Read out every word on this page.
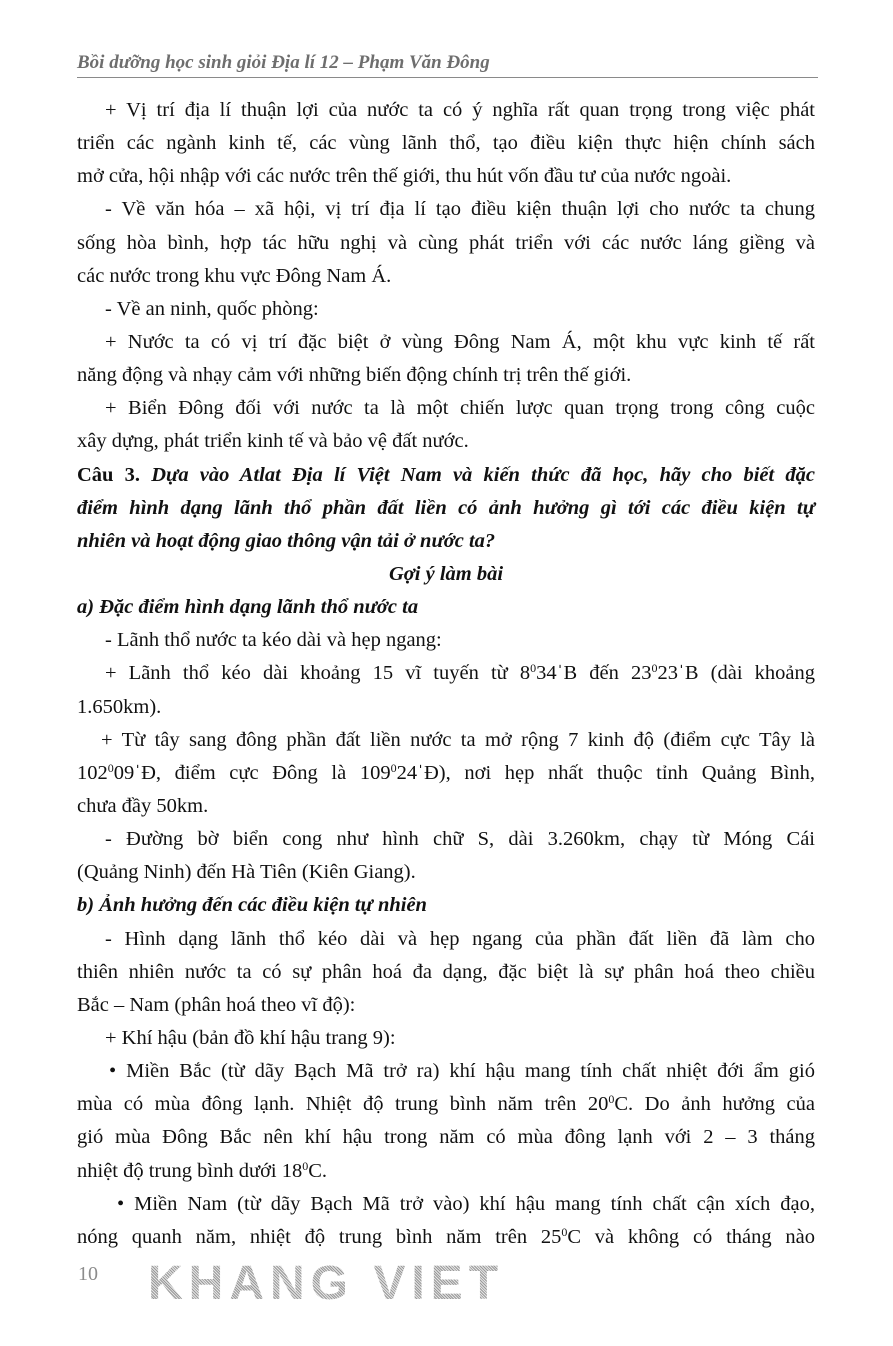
Bồi dưỡng học sinh giỏi Địa lí 12 – Phạm Văn Đông
KHANG VIET
10
+ Vị trí địa lí thuận lợi của nước ta có ý nghĩa rất quan trọng trong việc phát
triển các ngành kinh tế, các vùng lãnh thổ, tạo điều kiện thực hiện chính sách
mở cửa, hội nhập với các nước trên thế giới, thu hút vốn đầu tư của nước ngoài.
- Về văn hóa – xã hội, vị trí địa lí tạo điều kiện thuận lợi cho nước ta chung
sống hòa bình, hợp tác hữu nghị và cùng phát triển với các nước láng giềng và
các nước trong khu vực Đông Nam Á.
- Về an ninh, quốc phòng:
+ Nước ta có vị trí đặc biệt ở vùng Đông Nam Á, một khu vực kinh tế rất
năng động và nhạy cảm với những biến động chính trị trên thế giới.
+ Biển Đông đối với nước ta là một chiến lược quan trọng trong công cuộc
xây dựng, phát triển kinh tế và bảo vệ đất nước.
Câu 3. Dựa vào Atlat Địa lí Việt Nam và kiến thức đã học, hãy cho biết đặc
điểm hình dạng lãnh thổ phần đất liền có ảnh hưởng gì tới các điều kiện tự
nhiên và hoạt động giao thông vận tải ở nước ta?
Gợi ý làm bài
a) Đặc điểm hình dạng lãnh thổ nước ta
- Lãnh thổ nước ta kéo dài và hẹp ngang:
+ Lãnh thổ kéo dài khoảng 15 vĩ tuyến từ $8^034ˈB$ đến $23^023ˈB$ (dài khoảng
1.650km).
+ Từ tây sang đông phần đất liền nước ta mở rộng 7 kinh độ (điểm cực Tây là
$102^009ˈĐ$, điểm cực Đông là $109^024ˈĐ$), nơi hẹp nhất thuộc tỉnh Quảng Bình,
chưa đầy 50km.
- Đường bờ biển cong như hình chữ S, dài 3.260km, chạy từ Móng Cái
(Quảng Ninh) đến Hà Tiên (Kiên Giang).
b) Ảnh hưởng đến các điều kiện tự nhiên
- Hình dạng lãnh thổ kéo dài và hẹp ngang của phần đất liền đã làm cho
thiên nhiên nước ta có sự phân hoá đa dạng, đặc biệt là sự phân hoá theo chiều
Bắc – Nam (phân hoá theo vĩ độ):
+ Khí hậu (bản đồ khí hậu trang 9):
• Miền Bắc (từ dãy Bạch Mã trở ra) khí hậu mang tính chất nhiệt đới ẩm gió
mùa có mùa đông lạnh. Nhiệt độ trung bình năm trên $20^0C$. Do ảnh hưởng của
gió mùa Đông Bắc nên khí hậu trong năm có mùa đông lạnh với 2 – 3 tháng
nhiệt độ trung bình dưới $18^0C$.
• Miền Nam (từ dãy Bạch Mã trở vào) khí hậu mang tính chất cận xích đạo,
nóng quanh năm, nhiệt độ trung bình năm trên $25^0C$ và không có tháng nào
